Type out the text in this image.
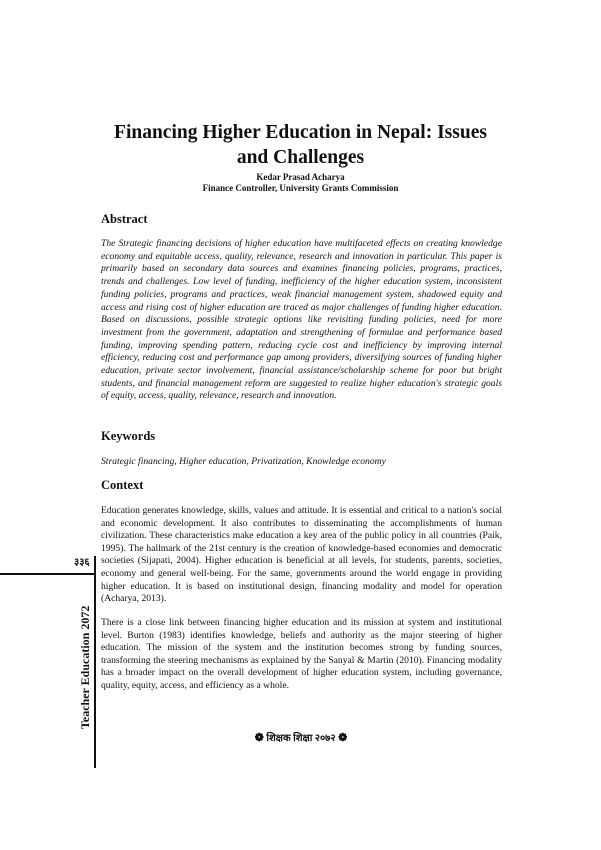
Financing Higher Education in Nepal: Issues
and Challenges
Kedar Prasad Acharya
Finance Controller, University Grants Commission
Abstract

The Strategic financing decisions of higher education have multifaceted effects on creating knowledge economy and equitable access, quality, relevance, research and innovation in particular. This paper is primarily based on secondary data sources and examines financing policies, programs, practices, trends and challenges. Low level of funding, inefficiency of the higher education system, inconsistent funding policies, programs and practices, weak financial management system, shadowed equity and access and rising cost of higher education are traced as major challenges of funding higher education. Based on discussions, possible strategic options like revisiting funding policies, need for more investment from the government, adaptation and strengthening of formulae and performance based funding, improving spending pattern, reducing cycle cost and inefficiency by improving internal efficiency, reducing cost and performance gap among providers, diversifying sources of funding higher education, private sector involvement, financial assistance/scholarship scheme for poor but bright students, and financial management reform are suggested to realize higher education's strategic goals of equity, access, quality, relevance, research and innovation.

Keywords

Strategic financing, Higher education, Privatization, Knowledge economy

Context

Education generates knowledge, skills, values and attitude. It is essential and critical to a nation's social and economic development. It also contributes to disseminating the accomplishments of human civilization. These characteristics make education a key area of the public policy in all countries (Paik, 1995). The hallmark of the 21st century is the creation of knowledge-based economies and democratic societies (Sijapati, 2004). Higher education is beneficial at all levels, for students, parents, societies, economy and general well-being. For the same, governments around the world engage in providing higher education. It is based on institutional design, financing modality and model for operation (Acharya, 2013).

There is a close link between financing higher education and its mission at system and institutional level. Burton (1983) identifies knowledge, beliefs and authority as the major steering of higher education. The mission of the system and the institution becomes strong by funding sources, transforming the steering mechanisms as explained by the Sanyal & Martin (2010). Financing modality has a broader impact on the overall development of higher education system, including governance, quality, equity, access, and efficiency as a whole.

३३६
Teacher Education 2072
❁ शिक्षक शिक्षा २०७२ ❁
